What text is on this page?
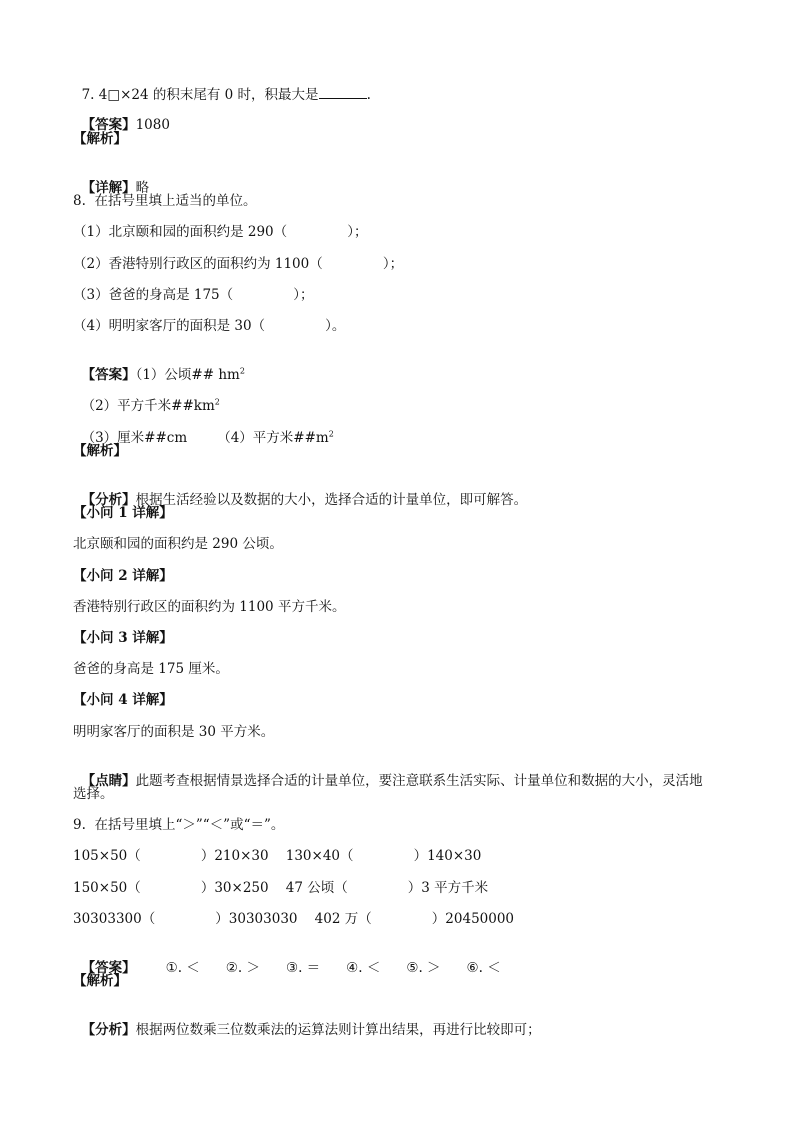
7. 4□×24 的积末尾有 0 时，积最大是	.

【答案】1080

【解析】

【详解】略

8.  在括号里填上适当的单位。
（1）北京颐和园的面积约是 290（              ）；
（2）香港特别行政区的面积约为 1100（              ）；
（3）爸爸的身高是 175（              ）；
（4）明明家客厅的面积是 30（              ）。

【答案】（1）公顷## $hm^2$

（2）平方千米$\#\#km^2$

（3）厘米##cm       （4）平方米$\#\#m^2$

【解析】

【分析】根据生活经验以及数据的大小，选择合适的计量单位，即可解答。

【小问 1 详解】
北京颐和园的面积约是 290 公顷。
【小问 2 详解】
香港特别行政区的面积约为 1100 平方千米。
【小问 3 详解】
爸爸的身高是 175 厘米。
【小问 4 详解】
明明家客厅的面积是 30 平方米。

【点睛】此题考查根据情景选择合适的计量单位，要注意联系生活实际、计量单位和数据的大小，灵活地

选择。
9.  在括号里填上“＞”“＜”或“＝”。
105×50（              ）210×30    130×40（              ）140×30
150×50（              ）30×250    47 公顷（              ）3 平方千米
30303300（              ）30303030    402 万（              ）20450000

【答案】 ①. ＜ ②. ＞ ③. ＝ ④. ＜ ⑤. ＞ ⑥. ＜

【解析】

【分析】根据两位数乘三位数乘法的运算法则计算出结果，再进行比较即可；
